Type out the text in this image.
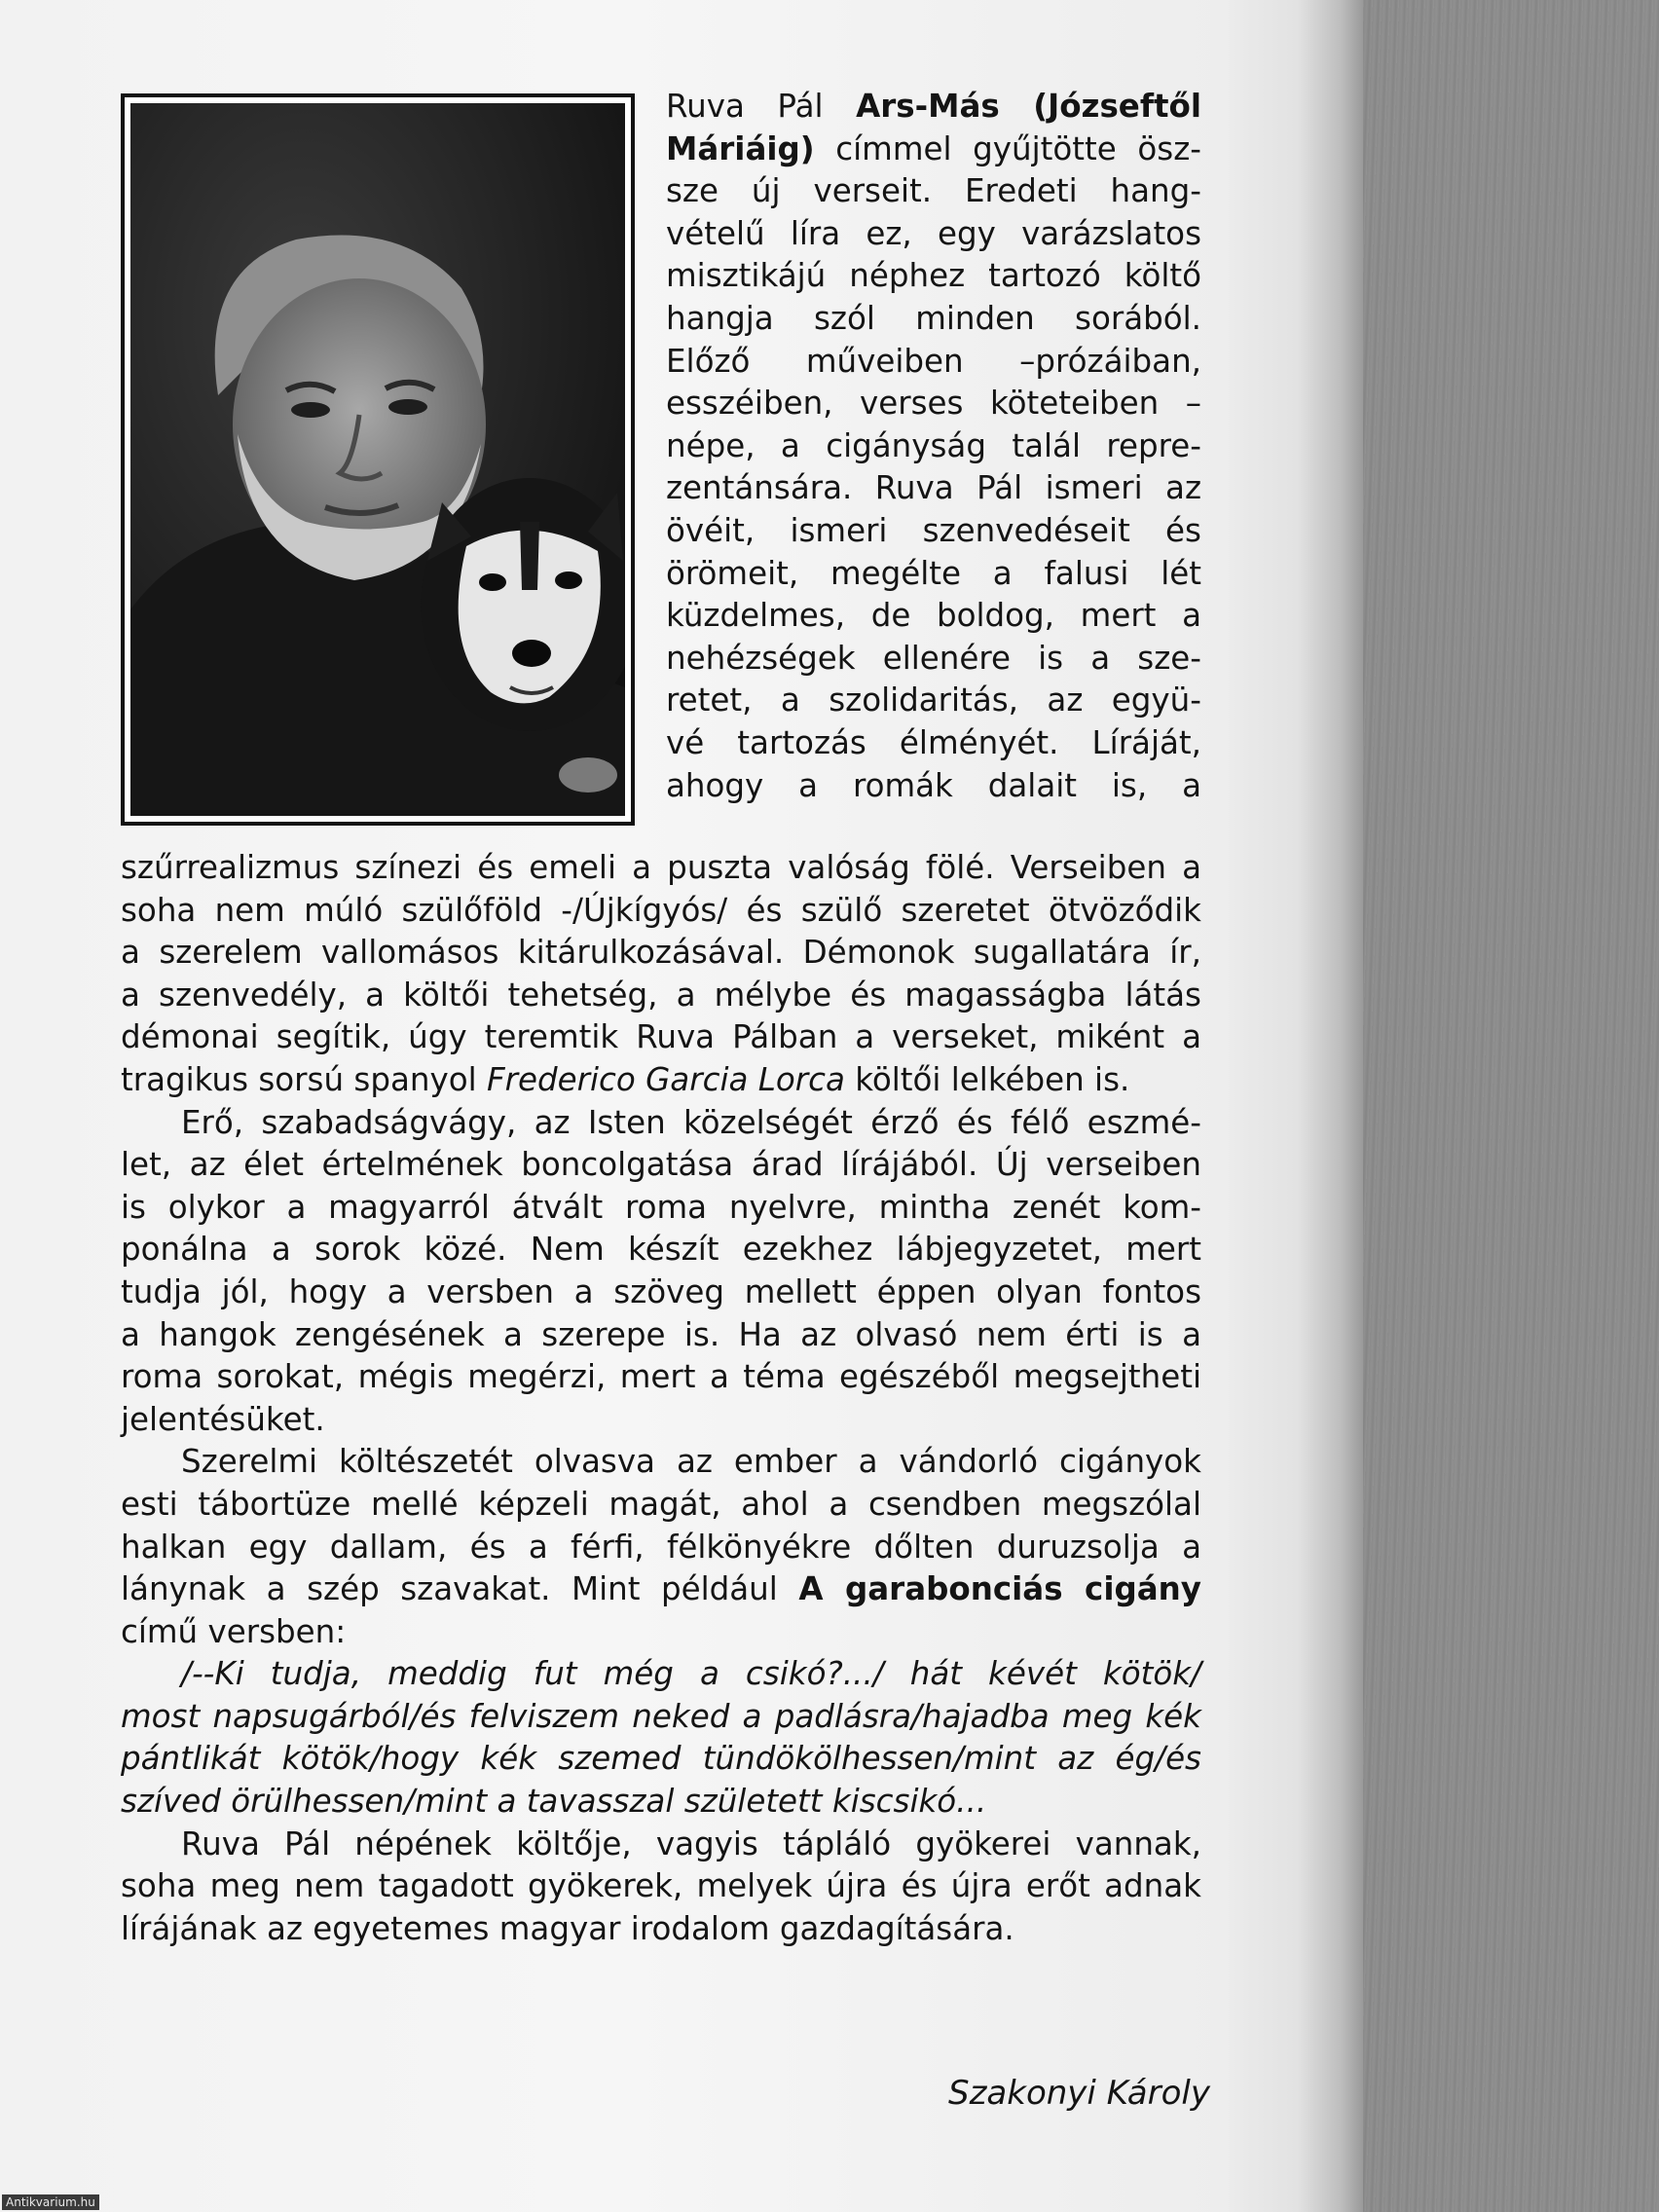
Ruva Pál Ars-Más (Józseftől
Máriáig) címmel gyűjtötte ösz-
sze új verseit. Eredeti hang-
vételű líra ez, egy varázslatos
misztikájú néphez tartozó költő
hangja szól minden sorából.
Előző műveiben –prózáiban,
esszéiben, verses köteteiben –
népe, a cigányság talál repre-
zentánsára. Ruva Pál ismeri az
övéit, ismeri szenvedéseit és
örömeit, megélte a falusi lét
küzdelmes, de boldog, mert a
nehézségek ellenére is a sze-
retet, a szolidaritás, az együ-
vé tartozás élményét. Líráját,
ahogy a romák dalait is, a
szűrrealizmus színezi és emeli a puszta valóság fölé. Verseiben a
soha nem múló szülőföld -/Újkígyós/ és szülő szeretet ötvöződik
a szerelem vallomásos kitárulkozásával. Démonok sugallatára ír,
a szenvedély, a költői tehetség, a mélybe és magasságba látás
démonai segítik, úgy teremtik Ruva Pálban a verseket, miként a
tragikus sorsú spanyol Frederico Garcia Lorca költői lelkében is.
Erő, szabadságvágy, az Isten közelségét érző és félő eszmé-
let, az élet értelmének boncolgatása árad lírájából. Új verseiben
is olykor a magyarról átvált roma nyelvre, mintha zenét kom-
ponálna a sorok közé. Nem készít ezekhez lábjegyzetet, mert
tudja jól, hogy a versben a szöveg mellett éppen olyan fontos
a hangok zengésének a szerepe is. Ha az olvasó nem érti is a
roma sorokat, mégis megérzi, mert a téma egészéből megsejtheti
jelentésüket.
Szerelmi költészetét olvasva az ember a vándorló cigányok
esti tábortüze mellé képzeli magát, ahol a csendben megszólal
halkan egy dallam, és a férfi, félkönyékre dőlten duruzsolja a
lánynak a szép szavakat. Mint például A garabonciás cigány
című versben:
/--Ki tudja, meddig fut még a csikó?.../ hát kévét kötök/
most napsugárból/és felviszem neked a padlásra/hajadba meg kék
pántlikát kötök/hogy kék szemed tündökölhessen/mint az ég/és
szíved örülhessen/mint a tavasszal született kiscsikó...
Ruva Pál népének költője, vagyis tápláló gyökerei vannak,
soha meg nem tagadott gyökerek, melyek újra és újra erőt adnak
lírájának az egyetemes magyar irodalom gazdagítására.
Szakonyi Károly
Antikvarium.hu
